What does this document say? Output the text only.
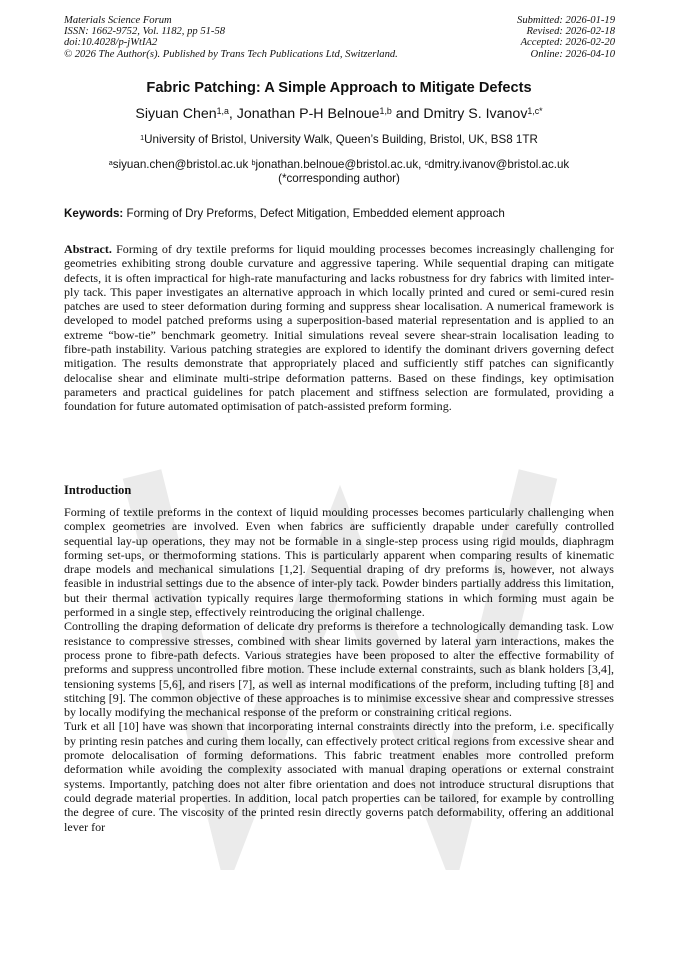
Materials Science Forum
ISSN: 1662-9752, Vol. 1182, pp 51-58
doi:10.4028/p-jWtIA2
© 2026 The Author(s). Published by Trans Tech Publications Ltd, Switzerland.
Submitted: 2026-01-19
Revised: 2026-02-18
Accepted: 2026-02-20
Online: 2026-04-10
Fabric Patching: A Simple Approach to Mitigate Defects
Siyuan Chen$^{1,a}$, Jonathan P-H Belnoue$^{1,b}$ and Dmitry S. Ivanov$^{1,c*}$
$^1$University of Bristol, University Walk, Queen’s Building, Bristol, UK, BS8 1TR
$^a$siyuan.chen@bristol.ac.uk $^b$jonathan.belnoue@bristol.ac.uk, $^c$dmitry.ivanov@bristol.ac.uk
(*corresponding author)
Keywords: Forming of Dry Preforms, Defect Mitigation, Embedded element approach
Abstract. Forming of dry textile preforms for liquid moulding processes becomes increasingly challenging for geometries exhibiting strong double curvature and aggressive tapering. While sequential draping can mitigate defects, it is often impractical for high-rate manufacturing and lacks robustness for dry fabrics with limited inter-ply tack. This paper investigates an alternative approach in which locally printed and cured or semi-cured resin patches are used to steer deformation during forming and suppress shear localisation. A numerical framework is developed to model patched preforms using a superposition-based material representation and is applied to an extreme “bow-tie” benchmark geometry. Initial simulations reveal severe shear-strain localisation leading to fibre-path instability. Various patching strategies are explored to identify the dominant drivers governing defect mitigation. The results demonstrate that appropriately placed and sufficiently stiff patches can significantly delocalise shear and eliminate multi-stripe deformation patterns. Based on these findings, key optimisation parameters and practical guidelines for patch placement and stiffness selection are formulated, providing a foundation for future automated optimisation of patch-assisted preform forming.
Introduction

Forming of textile preforms in the context of liquid moulding processes becomes particularly challenging when complex geometries are involved. Even when fabrics are sufficiently drapable under carefully controlled sequential lay-up operations, they may not be formable in a single-step process using rigid moulds, diaphragm forming set-ups, or thermoforming stations. This is particularly apparent when comparing results of kinematic drape models and mechanical simulations [1,2]. Sequential draping of dry preforms is, however, not always feasible in industrial settings due to the absence of inter-ply tack. Powder binders partially address this limitation, but their thermal activation typically requires large thermoforming stations in which forming must again be performed in a single step, effectively reintroducing the original challenge.

Controlling the draping deformation of delicate dry preforms is therefore a technologically demanding task. Low resistance to compressive stresses, combined with shear limits governed by lateral yarn interactions, makes the process prone to fibre-path defects. Various strategies have been proposed to alter the effective formability of preforms and suppress uncontrolled fibre motion. These include external constraints, such as blank holders [3,4], tensioning systems [5,6], and risers [7], as well as internal modifications of the preform, including tufting [8] and stitching [9]. The common objective of these approaches is to minimise excessive shear and compressive stresses by locally modifying the mechanical response of the preform or constraining critical regions.

Turk et all [10] have was shown that incorporating internal constraints directly into the preform, i.e. specifically by printing resin patches and curing them locally, can effectively protect critical regions from excessive shear and promote delocalisation of forming deformations. This fabric treatment enables more controlled preform deformation while avoiding the complexity associated with manual draping operations or external constraint systems. Importantly, patching does not alter fibre orientation and does not introduce structural disruptions that could degrade material properties. In addition, local patch properties can be tailored, for example by controlling the degree of cure. The viscosity of the printed resin directly governs patch deformability, offering an additional lever for
